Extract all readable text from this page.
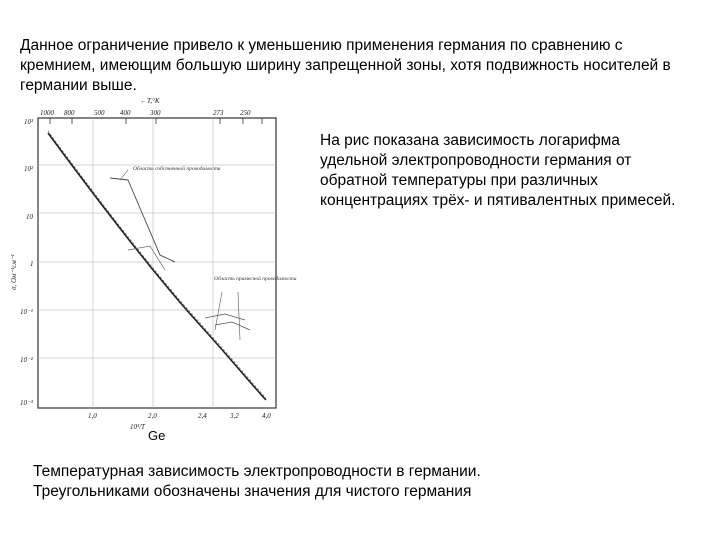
Данное ограничение привело к уменьшению применения германия по сравнению с кремнием, имеющим большую ширину запрещенной зоны, хотя подвижность носителей в германии выше.
На рис показана зависимость логарифма удельной электропроводности германия от обратной температуры при различных концентрациях трёх- и пятивалентных примесей.
Температурная зависимость электропроводности в германии. Треугольниками обозначены значения для чистого германия
Ge
←T,°K
1000 800	500 400	300	273 250
10³
10²
10
1
10⁻¹
10⁻²
10⁻³
σ, Ом⁻¹см⁻¹
1,0	2,0	2,4	3,2	4,0
10³/T
Область собственной проводимости
Область примесной проводимости
